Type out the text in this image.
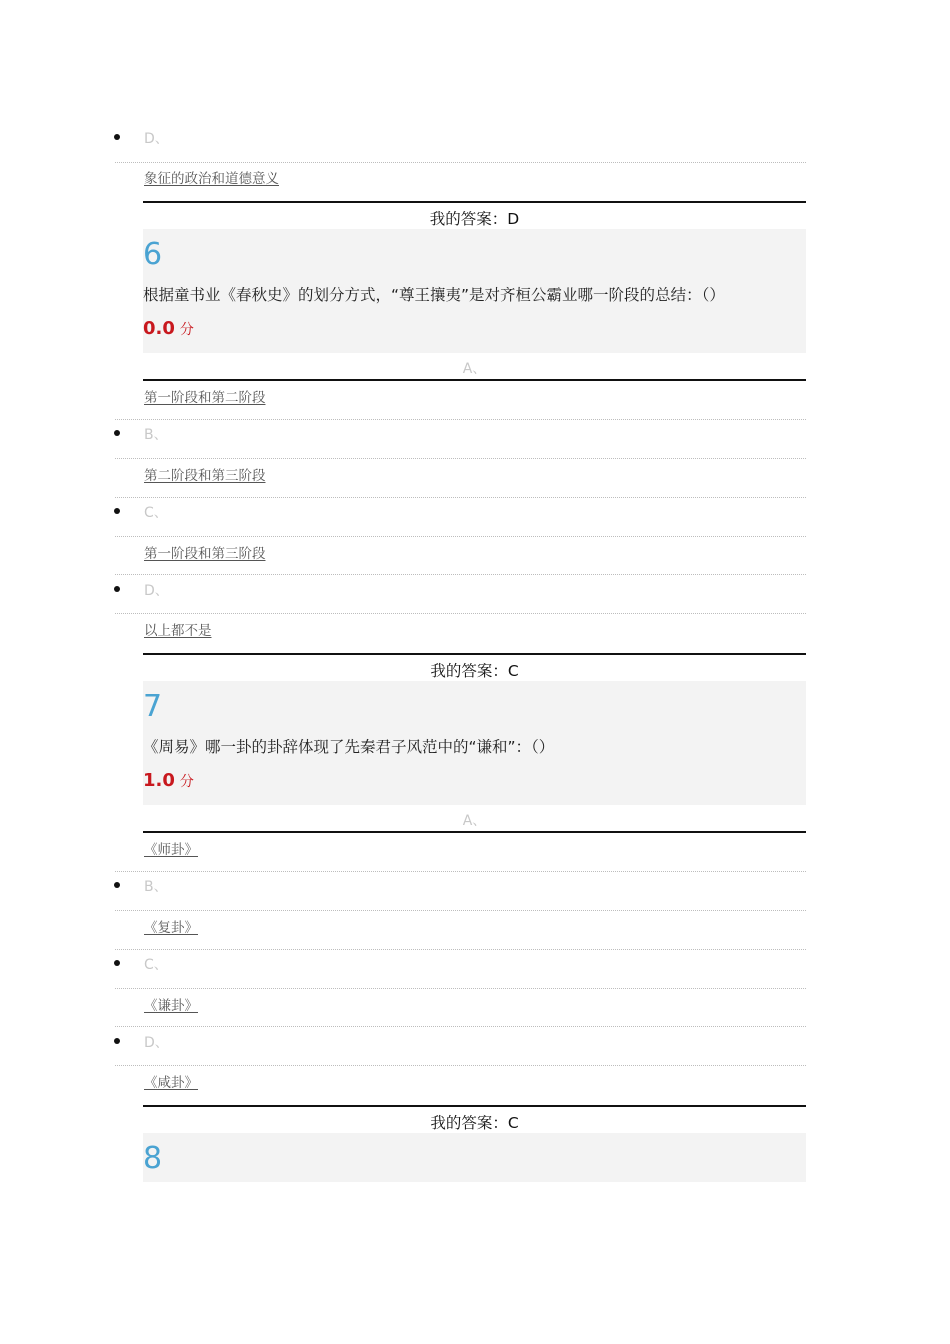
D、
象征的政治和道德意义
我的答案：D
6
根据童书业《春秋史》的划分方式，“尊王攘夷”是对齐桓公霸业哪一阶段的总结：（）
0.0 分
A、
第一阶段和第二阶段
B、
第二阶段和第三阶段
C、
第一阶段和第三阶段
D、
以上都不是
我的答案：C
7
《周易》哪一卦的卦辞体现了先秦君子风范中的“谦和”：（）
1.0 分
A、
《师卦》
B、
《复卦》
C、
《谦卦》
D、
《咸卦》
我的答案：C
8
